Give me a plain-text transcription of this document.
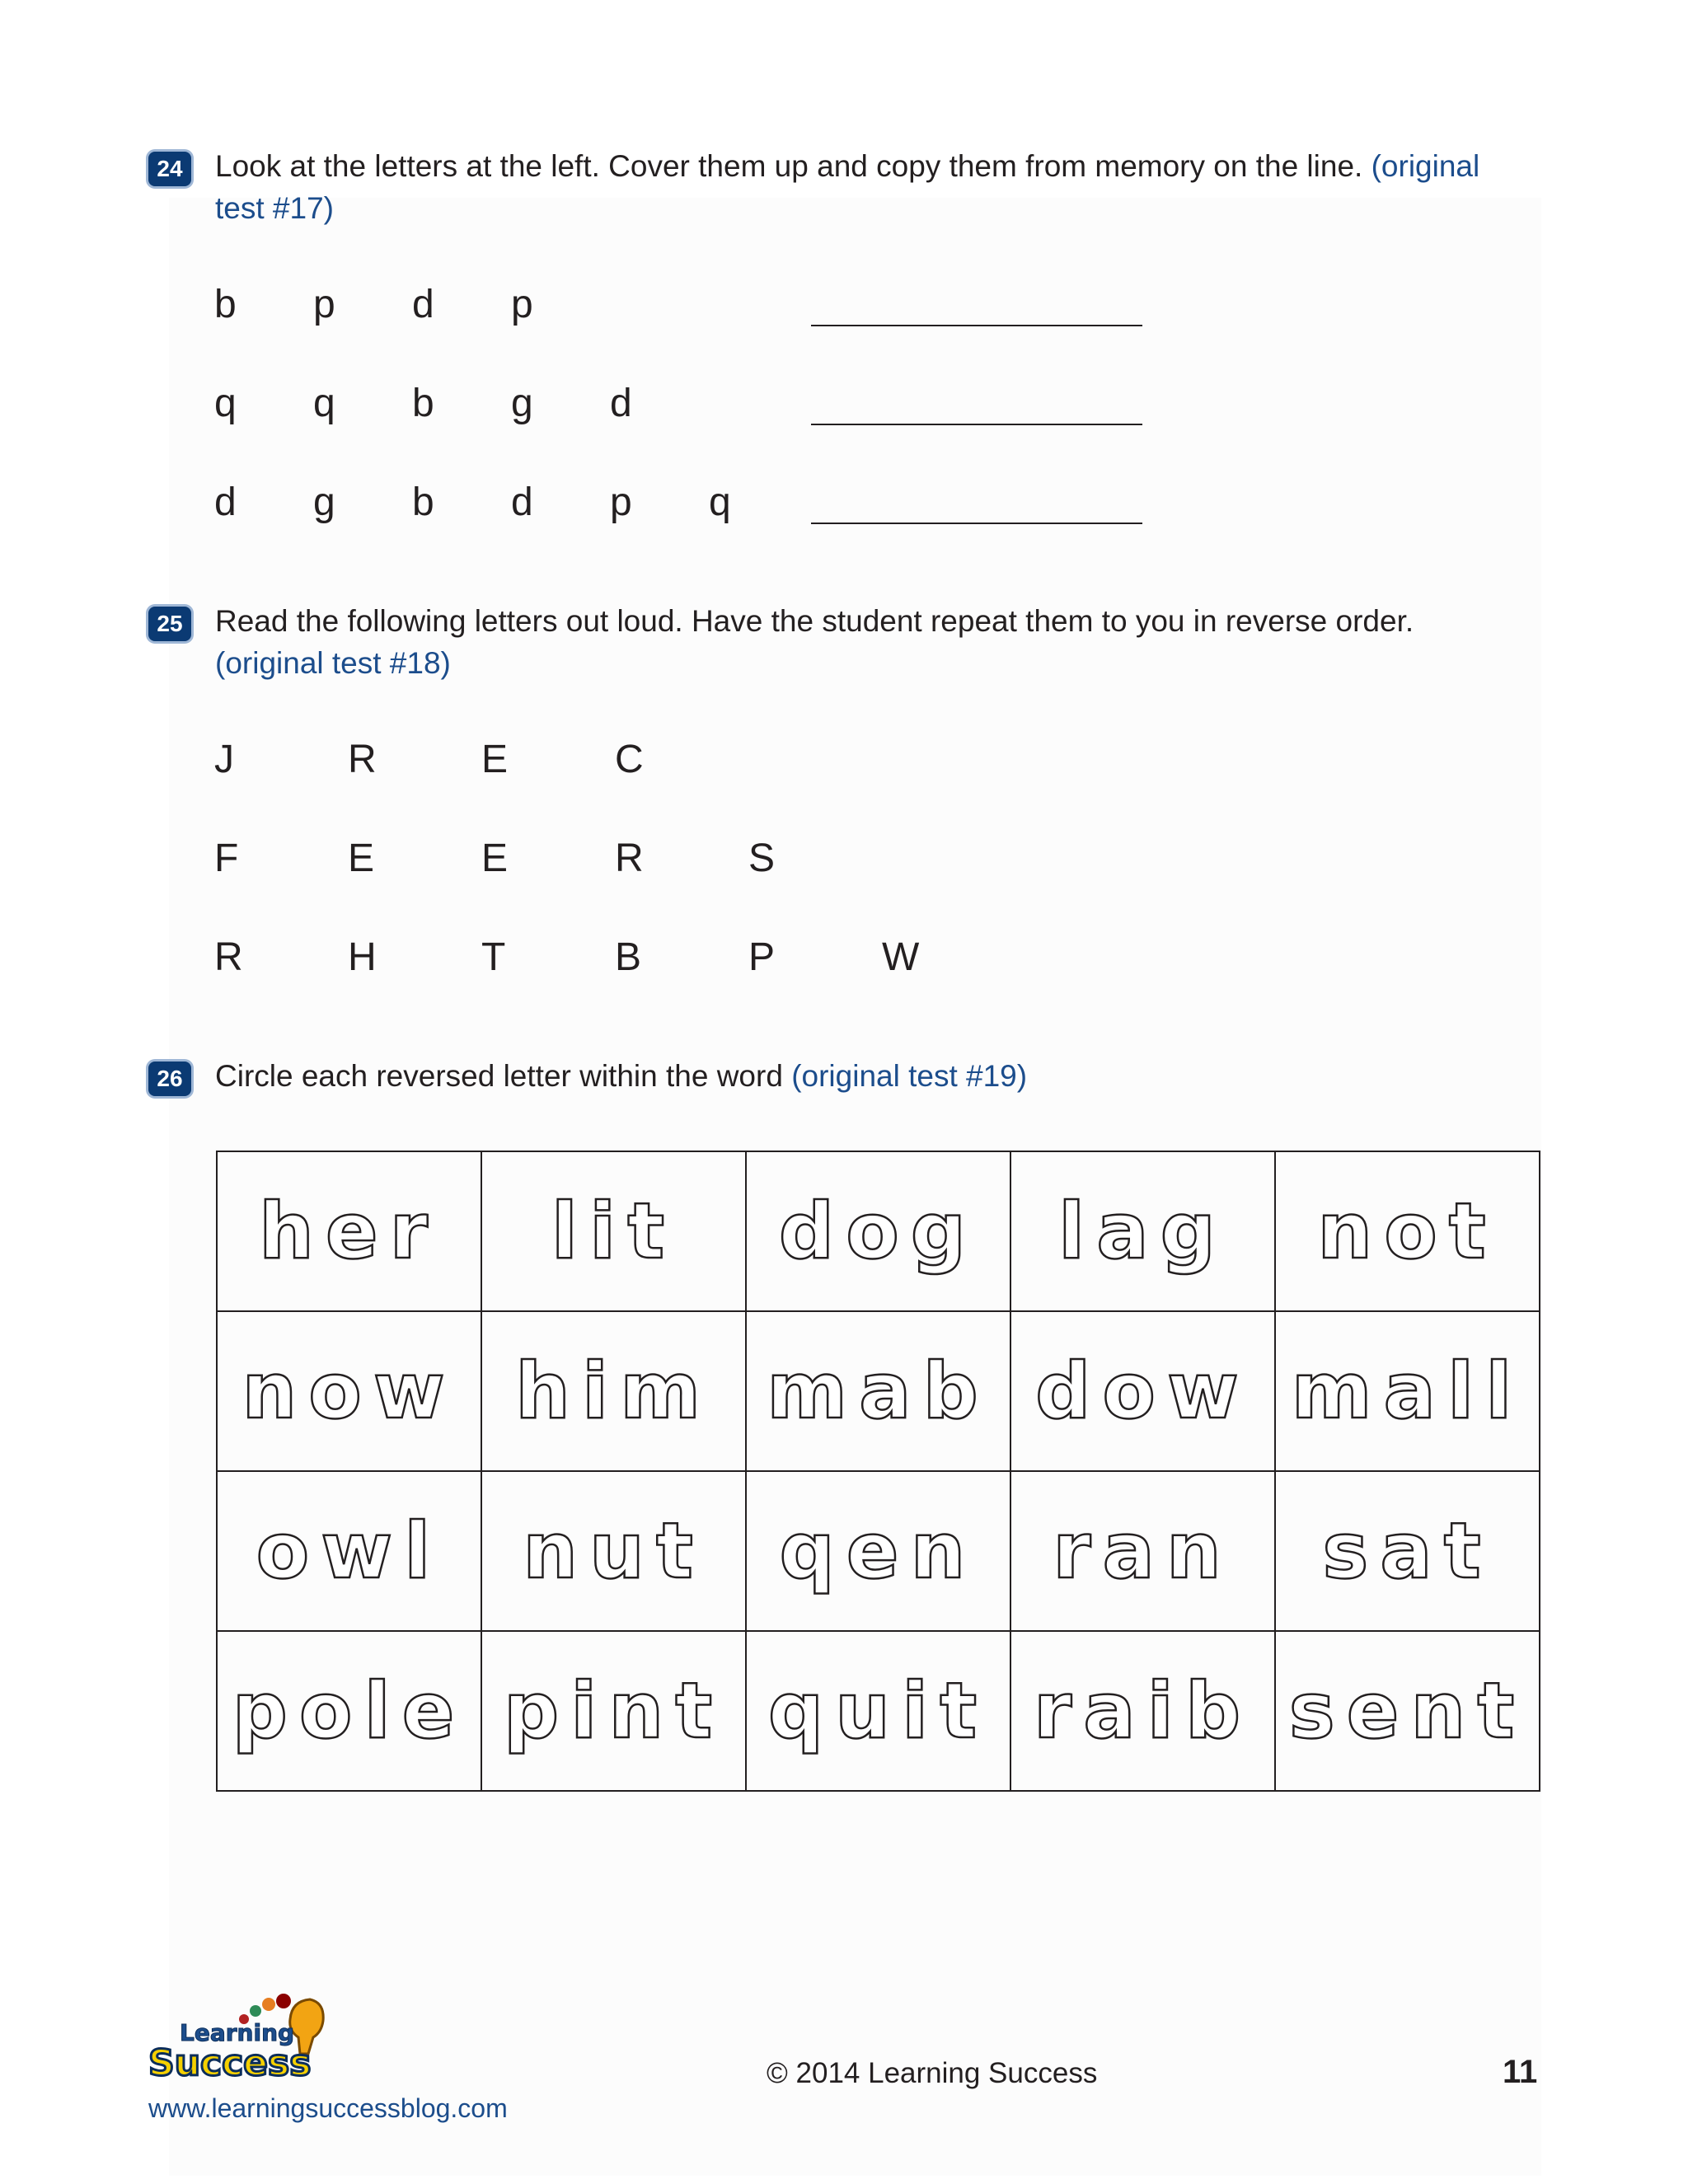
24 Look at the letters at the left. Cover them up and copy them from memory on the line. (original test #17)
b p d p
q q b g d
d g b d p q
25 Read the following letters out loud. Have the student repeat them to you in reverse order.
(original test #18)
J	R	E	C
F	E	E	R	S
R	H	T	B	P	W
26 Circle each reversed letter within the word (original test #19)
her	lit	dog	lag	not
now	him	mab	dow	mall
owl	nut	qen	ran	sat
pole	pint	quit	raib	sent
Learning
Success
www.learningsuccessblog.com
© 2014 Learning Success	11
